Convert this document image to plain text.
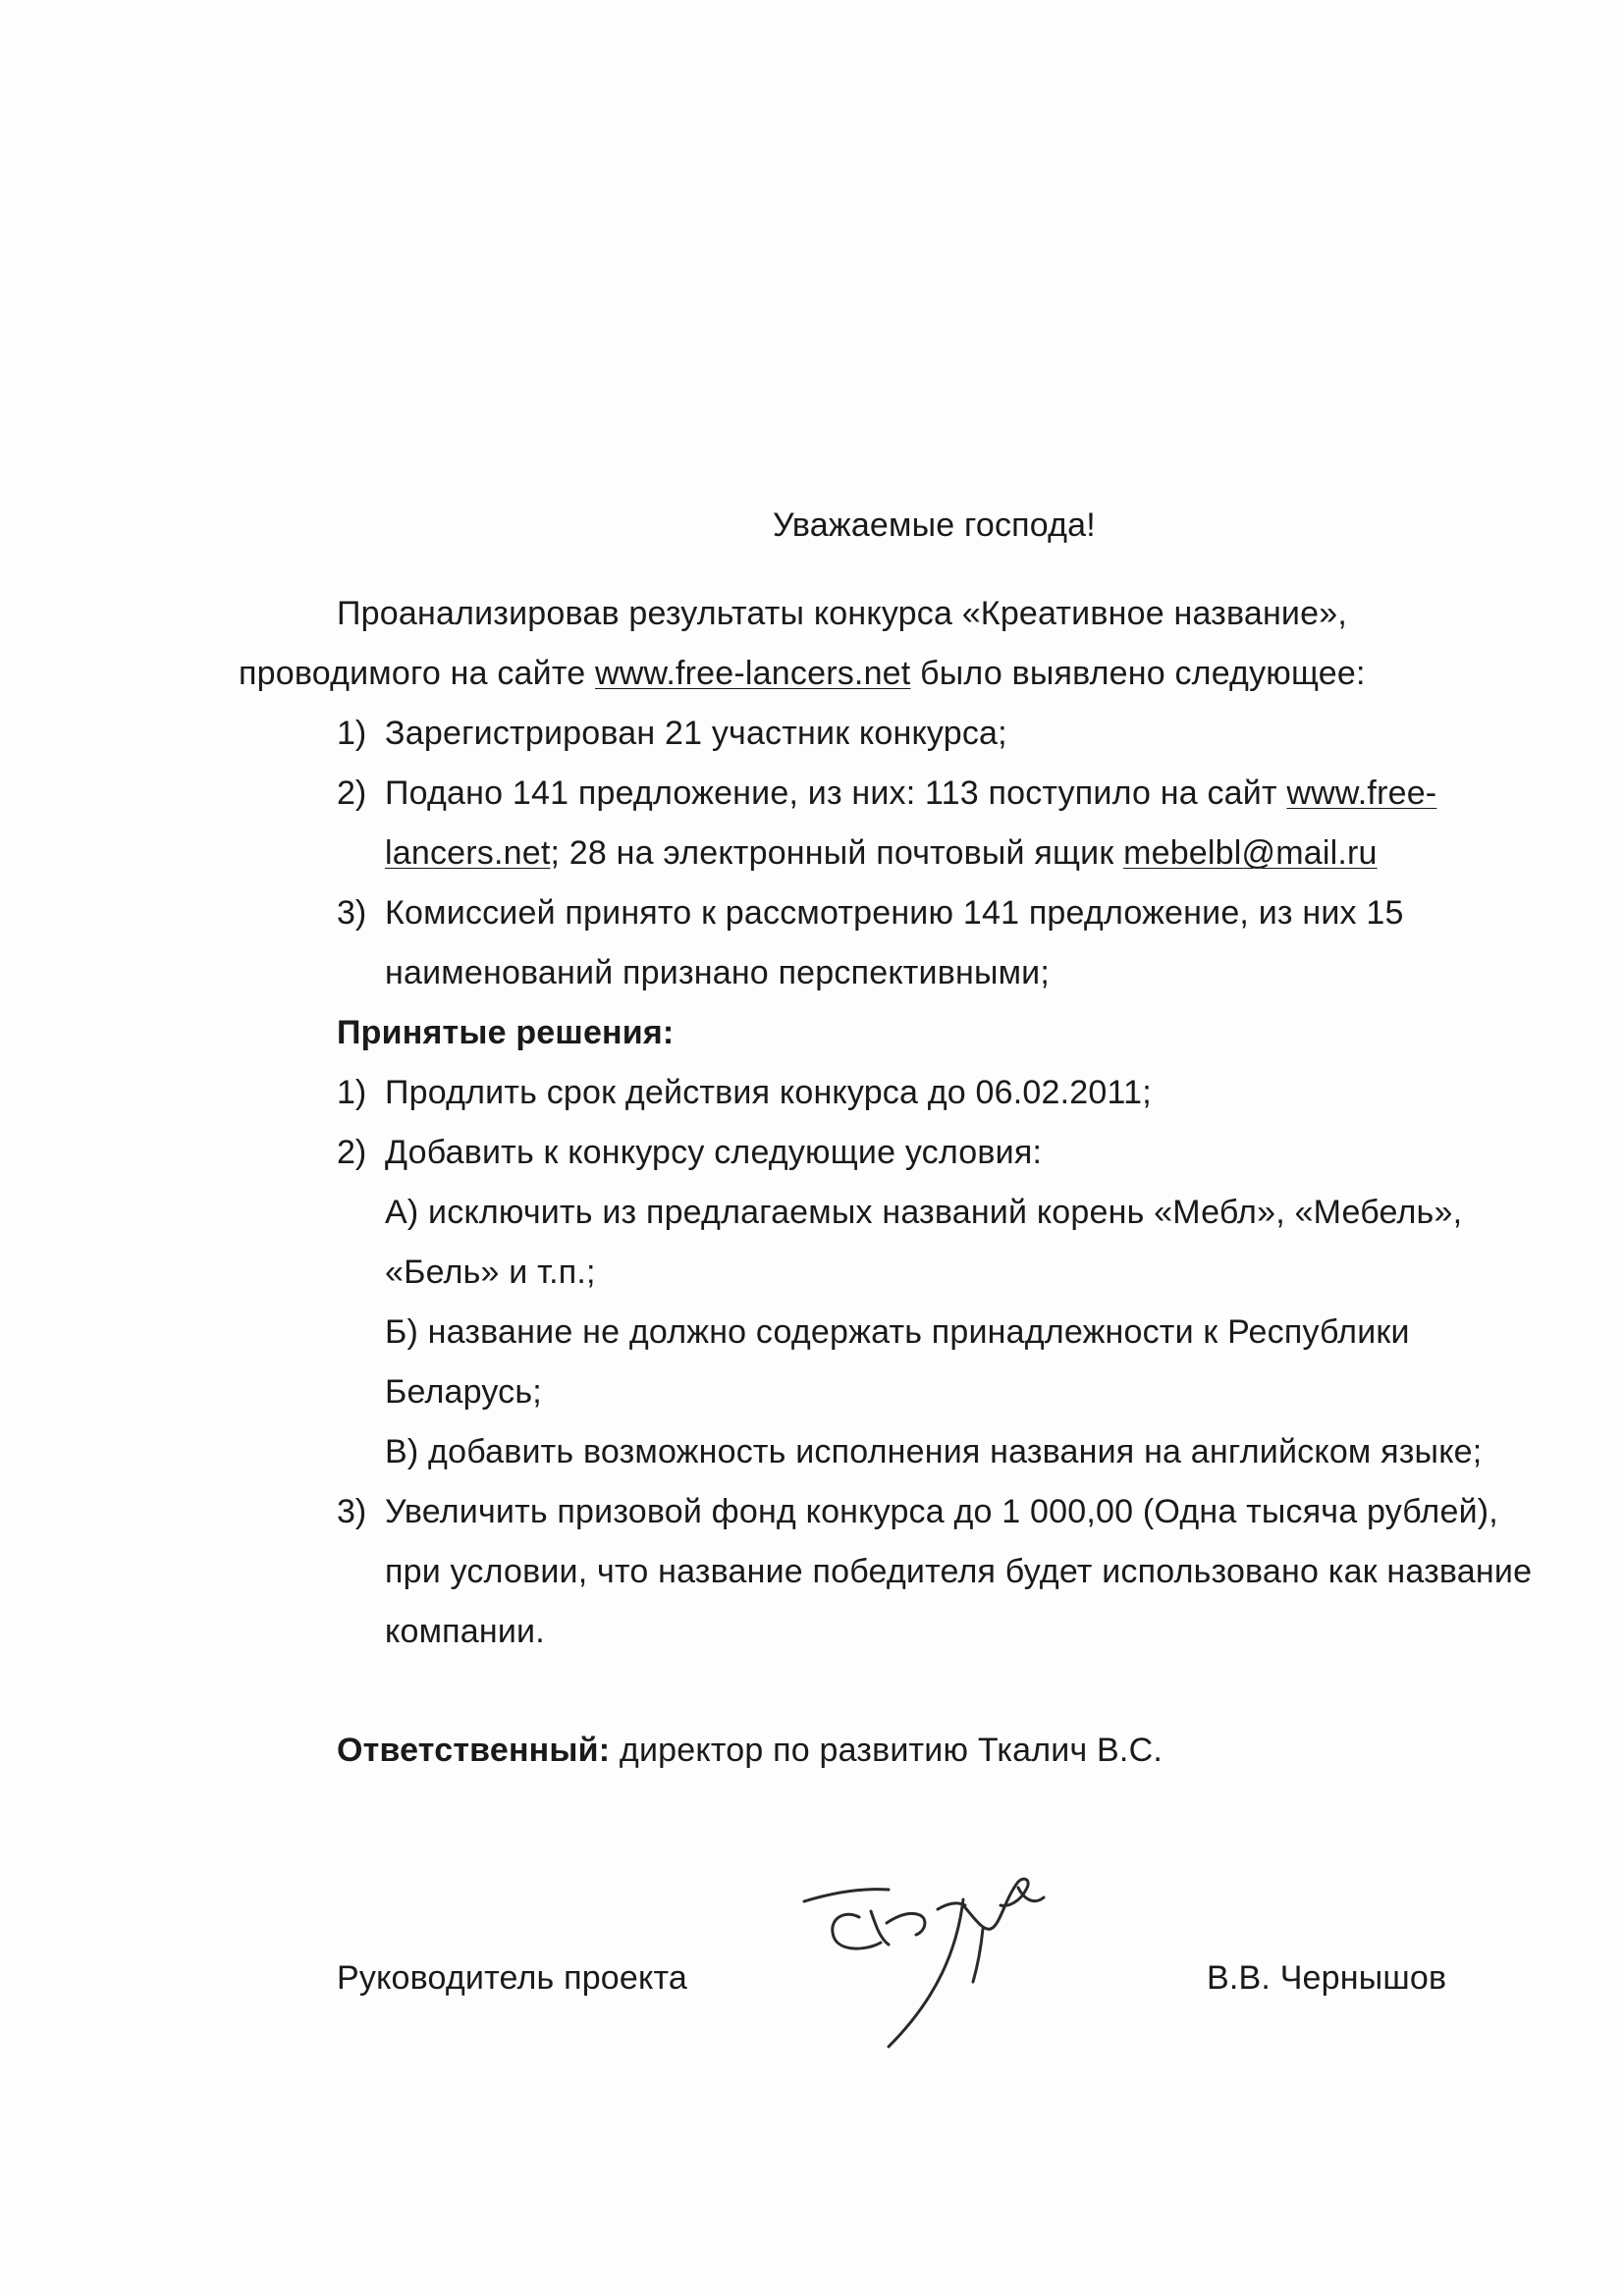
Уважаемые господа!
Проанализировав результаты конкурса «Креативное название»,
проводимого на сайте www.free-lancers.net было выявлено следующее:
1) Зарегистрирован 21 участник конкурса;
2) Подано 141 предложение, из них: 113 поступило на сайт www.free-
lancers.net; 28 на электронный почтовый ящик mebelbl@mail.ru
3) Комиссией принято к рассмотрению 141 предложение, из них 15
наименований признано перспективными;
Принятые решения:
1) Продлить срок действия конкурса до 06.02.2011;
2) Добавить к конкурсу следующие условия:
А) исключить из предлагаемых названий корень «Мебл», «Мебель»,
«Бель» и т.п.;
Б) название не должно содержать принадлежности к Республики
Беларусь;
В) добавить возможность исполнения названия на английском языке;
3) Увеличить призовой фонд конкурса до 1 000,00 (Одна тысяча рублей),
при условии, что название победителя будет использовано как название
компании.
Ответственный: директор по развитию Ткалич В.С.
Руководитель проекта	В.В. Чернышов
